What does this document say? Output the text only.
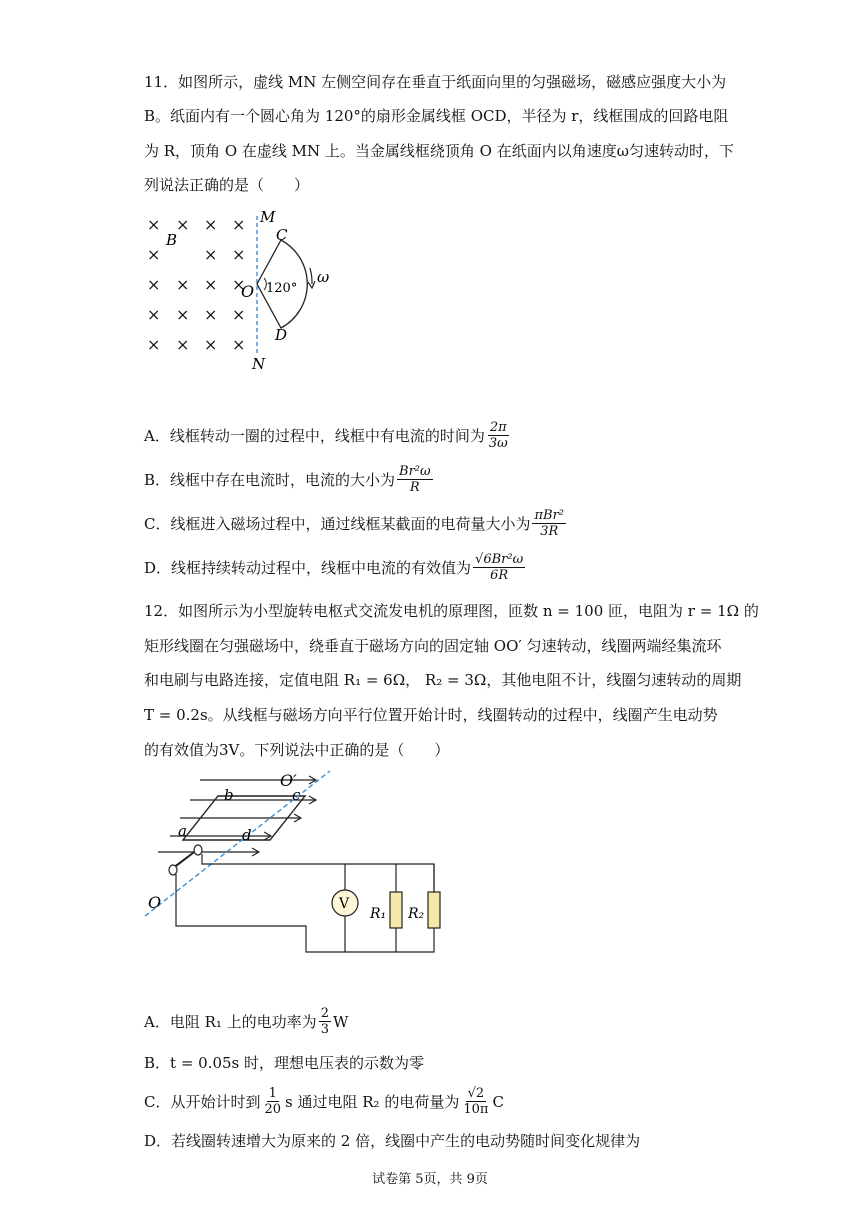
11．如图所示，虚线 MN 左侧空间存在垂直于纸面向里的匀强磁场，磁感应强度大小为
B。纸面内有一个圆心角为 120°的扇形金属线框 OCD，半径为 r，线框围成的回路电阻
为 R，顶角 O 在虚线 MN 上。当金属线框绕顶角 O 在纸面内以角速度ω匀速转动时，下
列说法正确的是（　　）
× × × ×
×	× ×
× × × ×
× × × ×
× × × ×
B
M
N
120°
O
C
D
ω
A．线框转动一圈的过程中，线框中有电流的时间为 $\frac{2\pi}{3\omega}$
B．线框中存在电流时，电流的大小为 $\frac{\text{Br²ω}}{R}$
C．线框进入磁场过程中，通过线框某截面的电荷量大小为 $\frac{\text{πBr²}}{3R}$
D．线框持续转动过程中，线框中电流的有效值为 $\frac{\text{√6Br²ω}}{6R}$
12．如图所示为小型旋转电枢式交流发电机的原理图，匝数 n = 100 匝，电阻为 r = 1Ω 的
矩形线圈在匀强磁场中，绕垂直于磁场方向的固定轴 OO′ 匀速转动，线圈两端经集流环
和电刷与电路连接，定值电阻 R₁ = 6Ω， R₂ = 3Ω，其他电阻不计，线圈匀速转动的周期
T = 0.2s。从线框与磁场方向平行位置开始计时，线圈转动的过程中，线圈产生电动势
的有效值为3V。下列说法中正确的是（　　）
O′
b	c
a	d
O	V
R₁ R₂
A．电阻 R₁ 上的电功率为 $\frac{2}{3}$ W
B．t = 0.05s 时，理想电压表的示数为零
C．从开始计时到 $\frac{1}{20}$ s 通过电阻 R₂ 的电荷量为 $\frac{√2}{10\pi}$ C
D．若线圈转速增大为原来的 2 倍，线圈中产生的电动势随时间变化规律为
试卷第 5页，共 9页
